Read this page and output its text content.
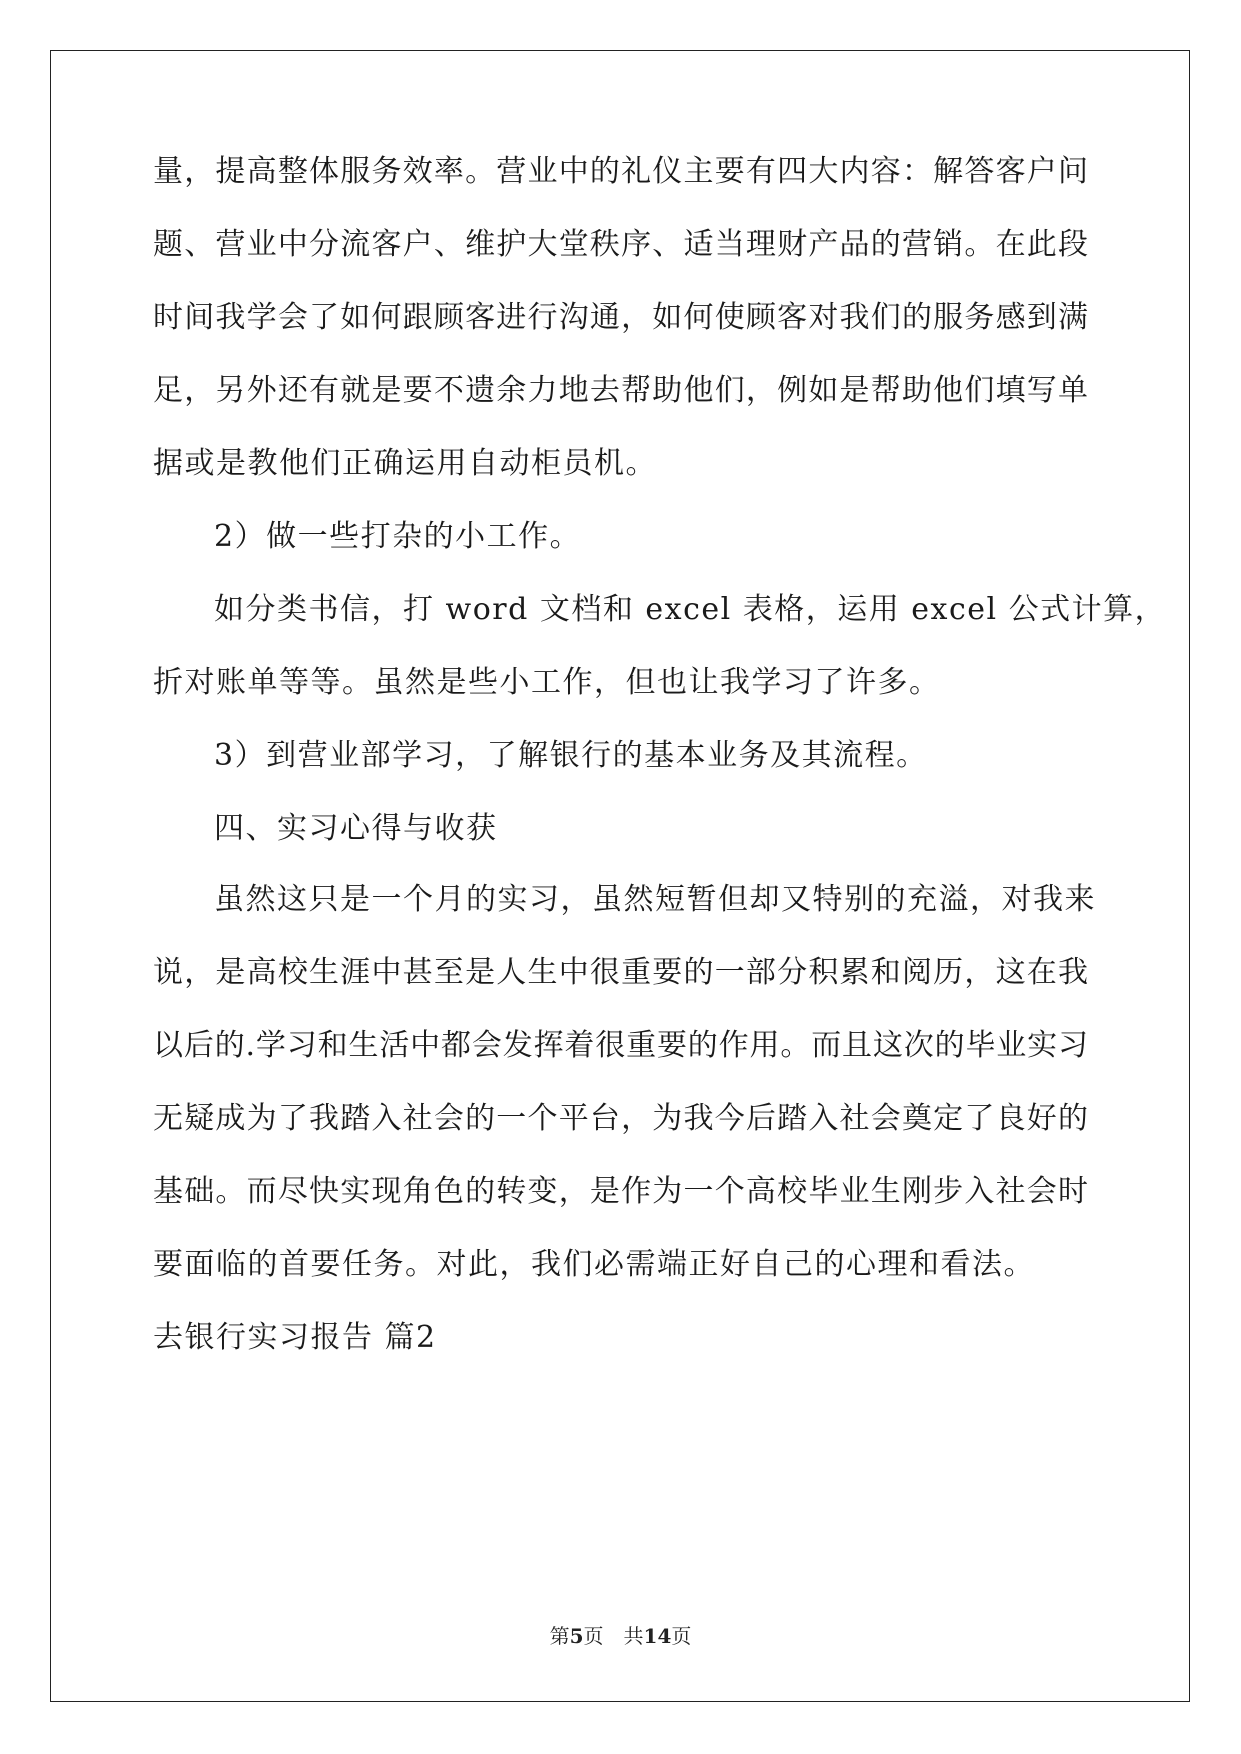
量，提高整体服务效率。营业中的礼仪主要有四大内容：解答客户问
题、营业中分流客户、维护大堂秩序、适当理财产品的营销。在此段
时间我学会了如何跟顾客进行沟通，如何使顾客对我们的服务感到满
足，另外还有就是要不遗余力地去帮助他们，例如是帮助他们填写单
据或是教他们正确运用自动柜员机。
2）做一些打杂的小工作。
如分类书信，打 word 文档和 excel 表格，运用 excel 公式计算，
折对账单等等。虽然是些小工作，但也让我学习了许多。
3）到营业部学习，了解银行的基本业务及其流程。
四、实习心得与收获
虽然这只是一个月的实习，虽然短暂但却又特别的充溢，对我来
说，是高校生涯中甚至是人生中很重要的一部分积累和阅历，这在我
以后的.学习和生活中都会发挥着很重要的作用。而且这次的毕业实习
无疑成为了我踏入社会的一个平台，为我今后踏入社会奠定了良好的
基础。而尽快实现角色的转变，是作为一个高校毕业生刚步入社会时
要面临的首要任务。对此，我们必需端正好自己的心理和看法。
去银行实习报告 篇2
第5页　共14页
